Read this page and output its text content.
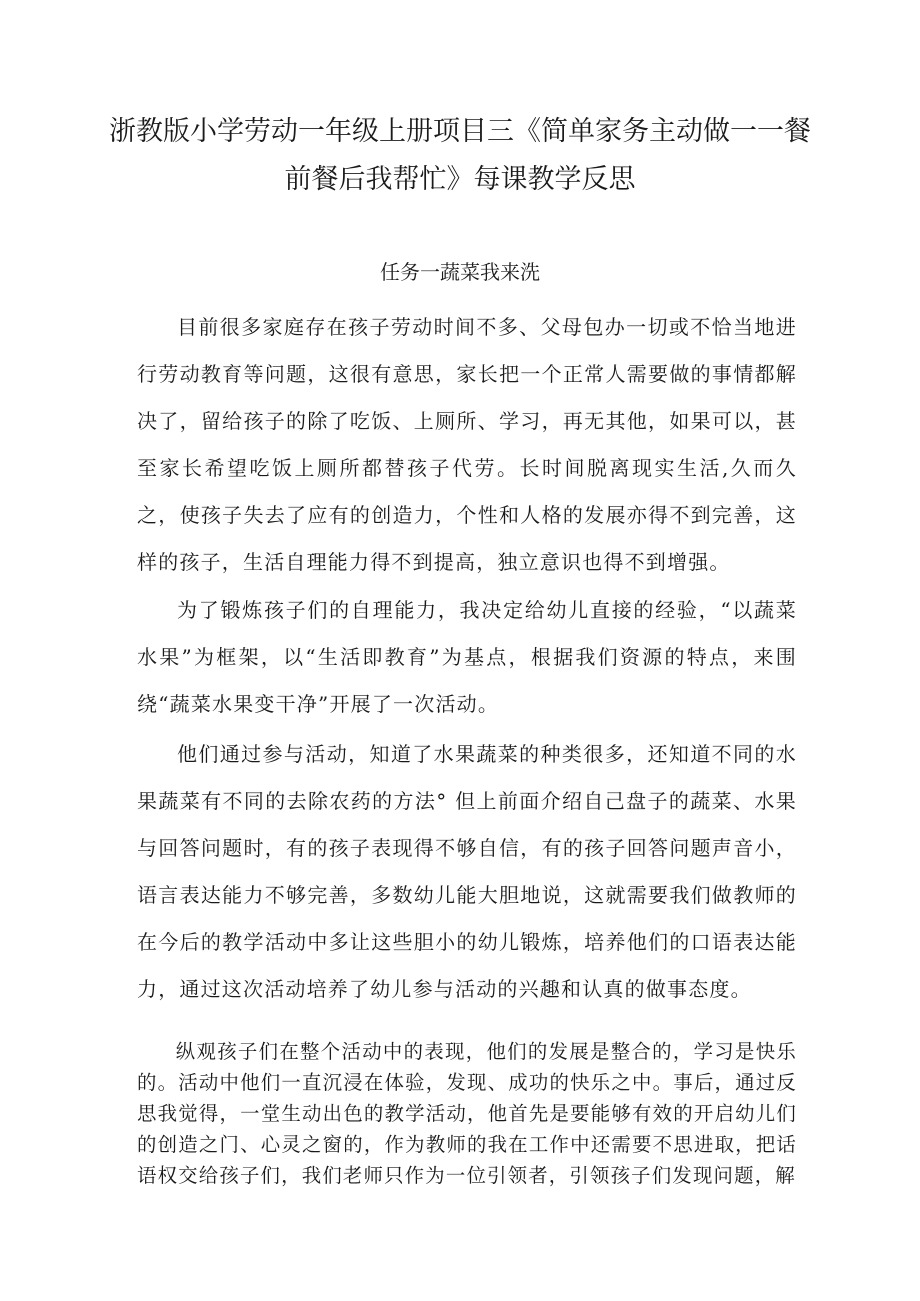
浙教版小学劳动一年级上册项目三《简单家务主动做一一餐
前餐后我帮忙》每课教学反思
任务一蔬菜我来洗

目前很多家庭存在孩子劳动时间不多、父母包办一切或不恰当地进行劳动教育等问题，这很有意思，家长把一个正常人需要做的事情都解决了，留给孩子的除了吃饭、上厕所、学习，再无其他，如果可以，甚至家长希望吃饭上厕所都替孩子代劳。长时间脱离现实生活,久而久之，使孩子失去了应有的创造力，个性和人格的发展亦得不到完善，这样的孩子，生活自理能力得不到提高，独立意识也得不到增强。

为了锻炼孩子们的自理能力，我决定给幼儿直接的经验，“以蔬菜水果”为框架，以“生活即教育”为基点，根据我们资源的特点，来围绕“蔬菜水果变干净”开展了一次活动。

他们通过参与活动，知道了水果蔬菜的种类很多，还知道不同的水果蔬菜有不同的去除农药的方法° 但上前面介绍自己盘子的蔬菜、水果与回答问题时，有的孩子表现得不够自信，有的孩子回答问题声音小，语言表达能力不够完善，多数幼儿能大胆地说，这就需要我们做教师的在今后的教学活动中多让这些胆小的幼儿锻炼，培养他们的口语表达能力，通过这次活动培养了幼儿参与活动的兴趣和认真的做事态度。

纵观孩子们在整个活动中的表现，他们的发展是整合的，学习是快乐的。活动中他们一直沉浸在体验，发现、成功的快乐之中。事后，通过反思我觉得，一堂生动出色的教学活动，他首先是要能够有效的开启幼儿们的创造之门、心灵之窗的，作为教师的我在工作中还需要不思进取，把话语权交给孩子们，我们老师只作为一位引领者，引领孩子们发现问题，解
